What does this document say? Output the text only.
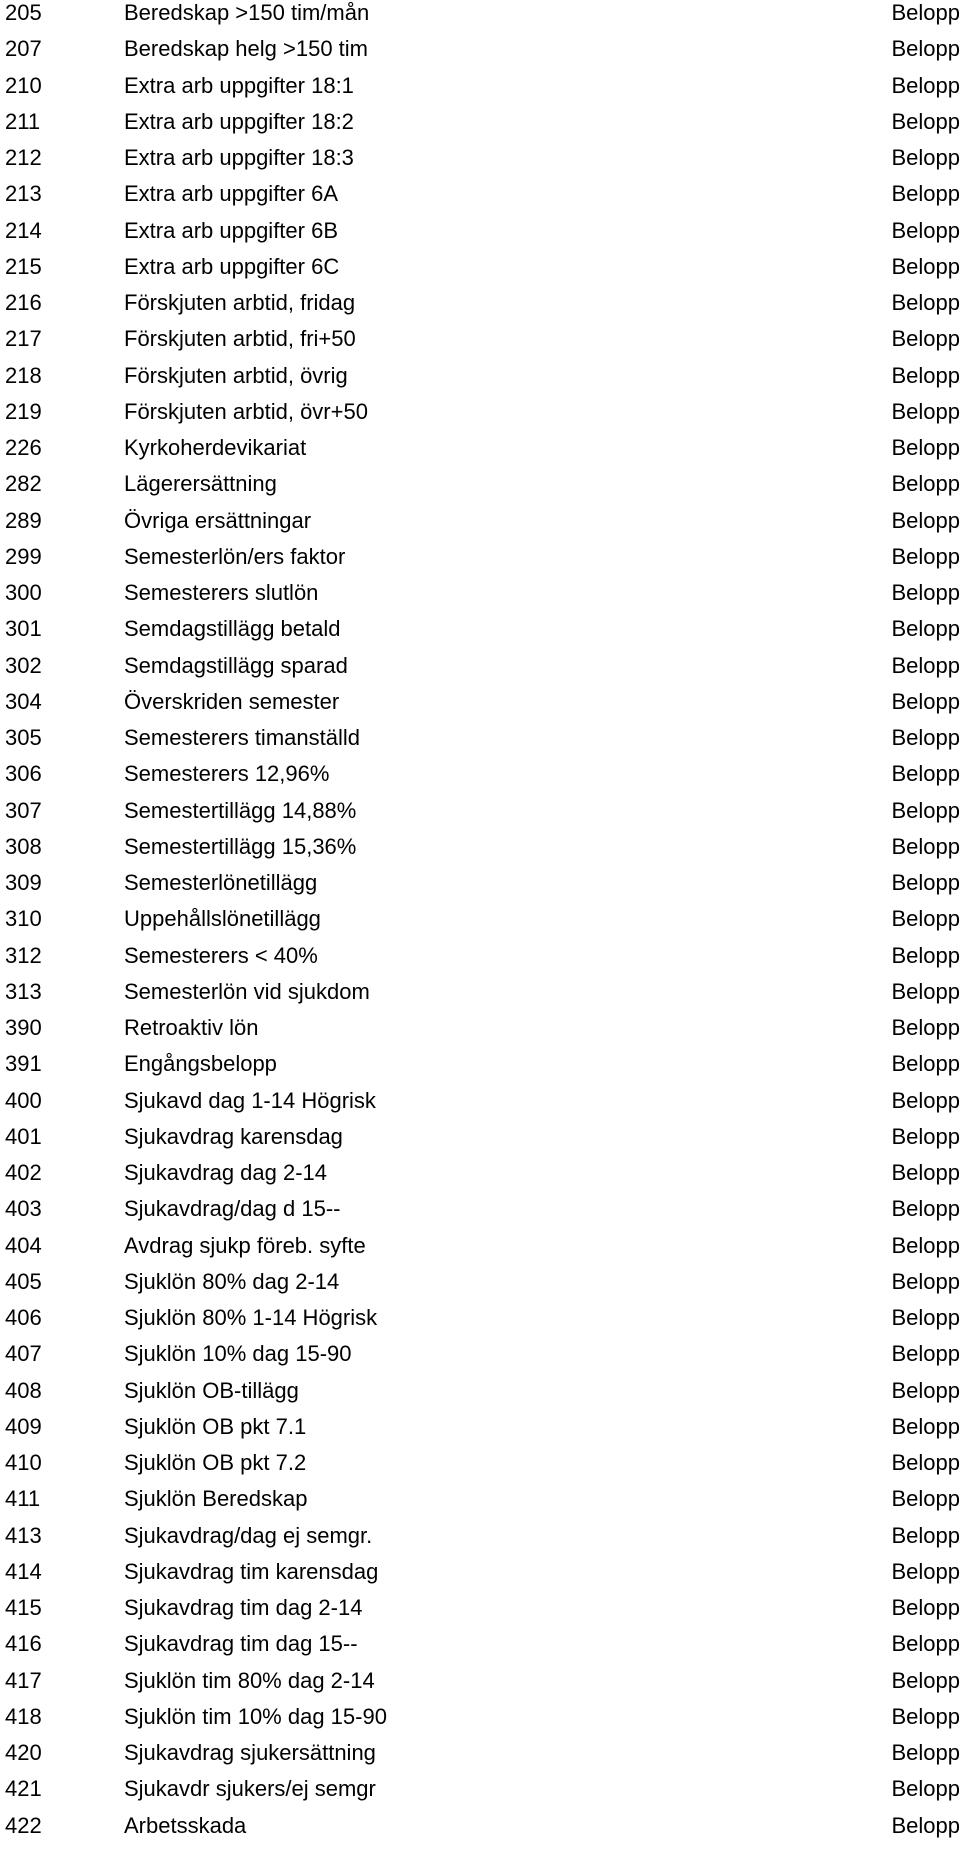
205	Beredskap >150 tim/mån	Belopp
207	Beredskap helg >150 tim	Belopp
210	Extra arb uppgifter 18:1	Belopp
211	Extra arb uppgifter 18:2	Belopp
212	Extra arb uppgifter 18:3	Belopp
213	Extra arb uppgifter 6A	Belopp
214	Extra arb uppgifter 6B	Belopp
215	Extra arb uppgifter 6C	Belopp
216	Förskjuten arbtid, fridag	Belopp
217	Förskjuten arbtid, fri+50	Belopp
218	Förskjuten arbtid, övrig	Belopp
219	Förskjuten arbtid, övr+50	Belopp
226	Kyrkoherdevikariat	Belopp
282	Lägerersättning	Belopp
289	Övriga ersättningar	Belopp
299	Semesterlön/ers faktor	Belopp
300	Semesterers slutlön	Belopp
301	Semdagstillägg betald	Belopp
302	Semdagstillägg sparad	Belopp
304	Överskriden semester	Belopp
305	Semesterers timanställd	Belopp
306	Semesterers 12,96%	Belopp
307	Semestertillägg 14,88%	Belopp
308	Semestertillägg 15,36%	Belopp
309	Semesterlönetillägg	Belopp
310	Uppehållslönetillägg	Belopp
312	Semesterers < 40%	Belopp
313	Semesterlön vid sjukdom	Belopp
390	Retroaktiv lön	Belopp
391	Engångsbelopp	Belopp
400	Sjukavd dag 1-14 Högrisk	Belopp
401	Sjukavdrag karensdag	Belopp
402	Sjukavdrag dag 2-14	Belopp
403	Sjukavdrag/dag d 15--	Belopp
404	Avdrag sjukp föreb. syfte	Belopp
405	Sjuklön 80% dag 2-14	Belopp
406	Sjuklön 80% 1-14 Högrisk	Belopp
407	Sjuklön 10% dag 15-90	Belopp
408	Sjuklön OB-tillägg	Belopp
409	Sjuklön OB pkt 7.1	Belopp
410	Sjuklön OB pkt 7.2	Belopp
411	Sjuklön Beredskap	Belopp
413	Sjukavdrag/dag ej semgr.	Belopp
414	Sjukavdrag tim karensdag	Belopp
415	Sjukavdrag tim dag 2-14	Belopp
416	Sjukavdrag tim dag 15--	Belopp
417	Sjuklön tim 80% dag 2-14	Belopp
418	Sjuklön tim 10% dag 15-90	Belopp
420	Sjukavdrag sjukersättning	Belopp
421	Sjukavdr sjukers/ej semgr	Belopp
422	Arbetsskada	Belopp
